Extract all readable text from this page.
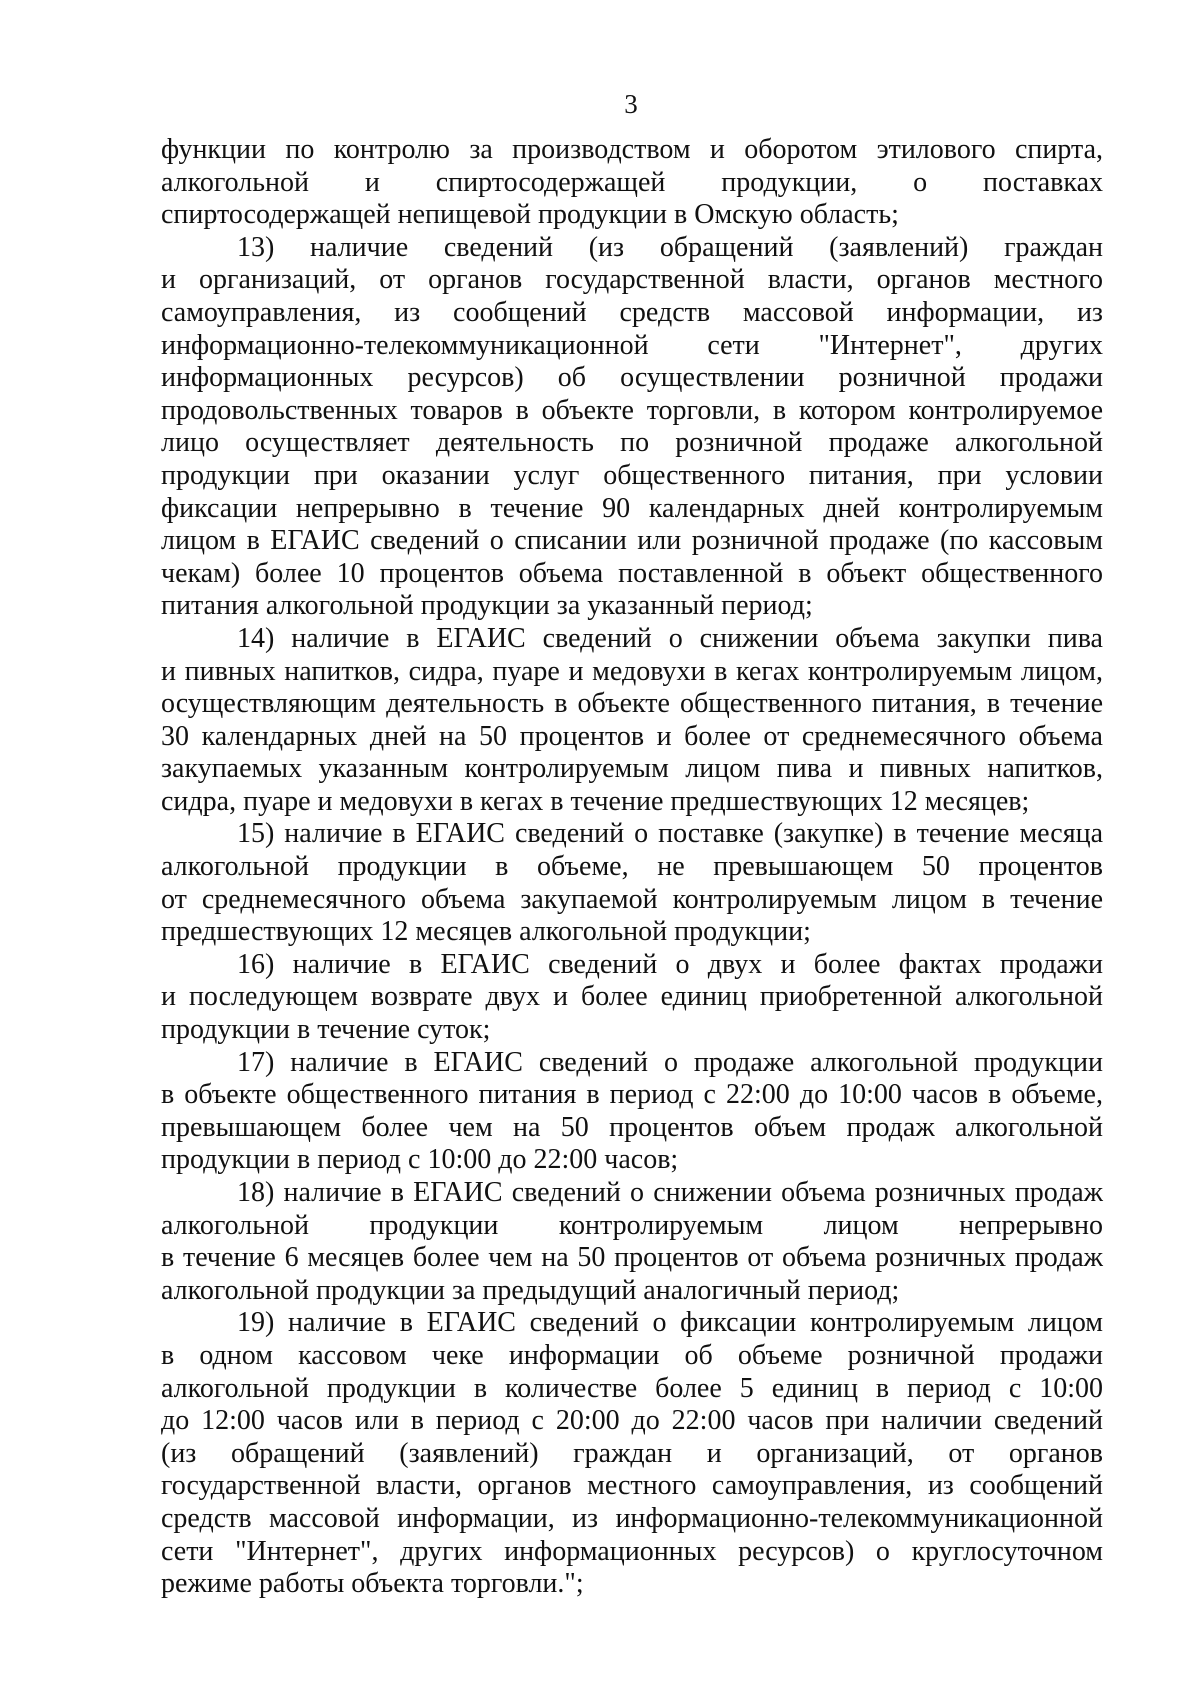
3

функции по контролю за производством и оборотом этилового спирта,
алкогольной и спиртосодержащей продукции, о поставках
спиртосодержащей непищевой продукции в Омскую область;

13) наличие сведений (из обращений (заявлений) граждан
и организаций, от органов государственной власти, органов местного
самоуправления, из сообщений средств массовой информации, из
информационно-телекоммуникационной сети "Интернет", других
информационных ресурсов) об осуществлении розничной продажи
продовольственных товаров в объекте торговли, в котором контролируемое
лицо осуществляет деятельность по розничной продаже алкогольной
продукции при оказании услуг общественного питания, при условии
фиксации непрерывно в течение 90 календарных дней контролируемым
лицом в ЕГАИС сведений о списании или розничной продаже (по кассовым
чекам) более 10 процентов объема поставленной в объект общественного
питания алкогольной продукции за указанный период;

14) наличие в ЕГАИС сведений о снижении объема закупки пива
и пивных напитков, сидра, пуаре и медовухи в кегах контролируемым лицом,
осуществляющим деятельность в объекте общественного питания, в течение
30 календарных дней на 50 процентов и более от среднемесячного объема
закупаемых указанным контролируемым лицом пива и пивных напитков,
сидра, пуаре и медовухи в кегах в течение предшествующих 12 месяцев;

15) наличие в ЕГАИС сведений о поставке (закупке) в течение месяца
алкогольной продукции в объеме, не превышающем 50 процентов
от среднемесячного объема закупаемой контролируемым лицом в течение
предшествующих 12 месяцев алкогольной продукции;

16) наличие в ЕГАИС сведений о двух и более фактах продажи
и последующем возврате двух и более единиц приобретенной алкогольной
продукции в течение суток;

17) наличие в ЕГАИС сведений о продаже алкогольной продукции
в объекте общественного питания в период с 22:00 до 10:00 часов в объеме,
превышающем более чем на 50 процентов объем продаж алкогольной
продукции в период с 10:00 до 22:00 часов;

18) наличие в ЕГАИС сведений о снижении объема розничных продаж
алкогольной продукции контролируемым лицом непрерывно
в течение 6 месяцев более чем на 50 процентов от объема розничных продаж
алкогольной продукции за предыдущий аналогичный период;

19) наличие в ЕГАИС сведений о фиксации контролируемым лицом
в одном кассовом чеке информации об объеме розничной продажи
алкогольной продукции в количестве более 5 единиц в период с 10:00
до 12:00 часов или в период с 20:00 до 22:00 часов при наличии сведений
(из обращений (заявлений) граждан и организаций, от органов
государственной власти, органов местного самоуправления, из сообщений
средств массовой информации, из информационно-телекоммуникационной
сети "Интернет", других информационных ресурсов) о круглосуточном
режиме работы объекта торговли.";
